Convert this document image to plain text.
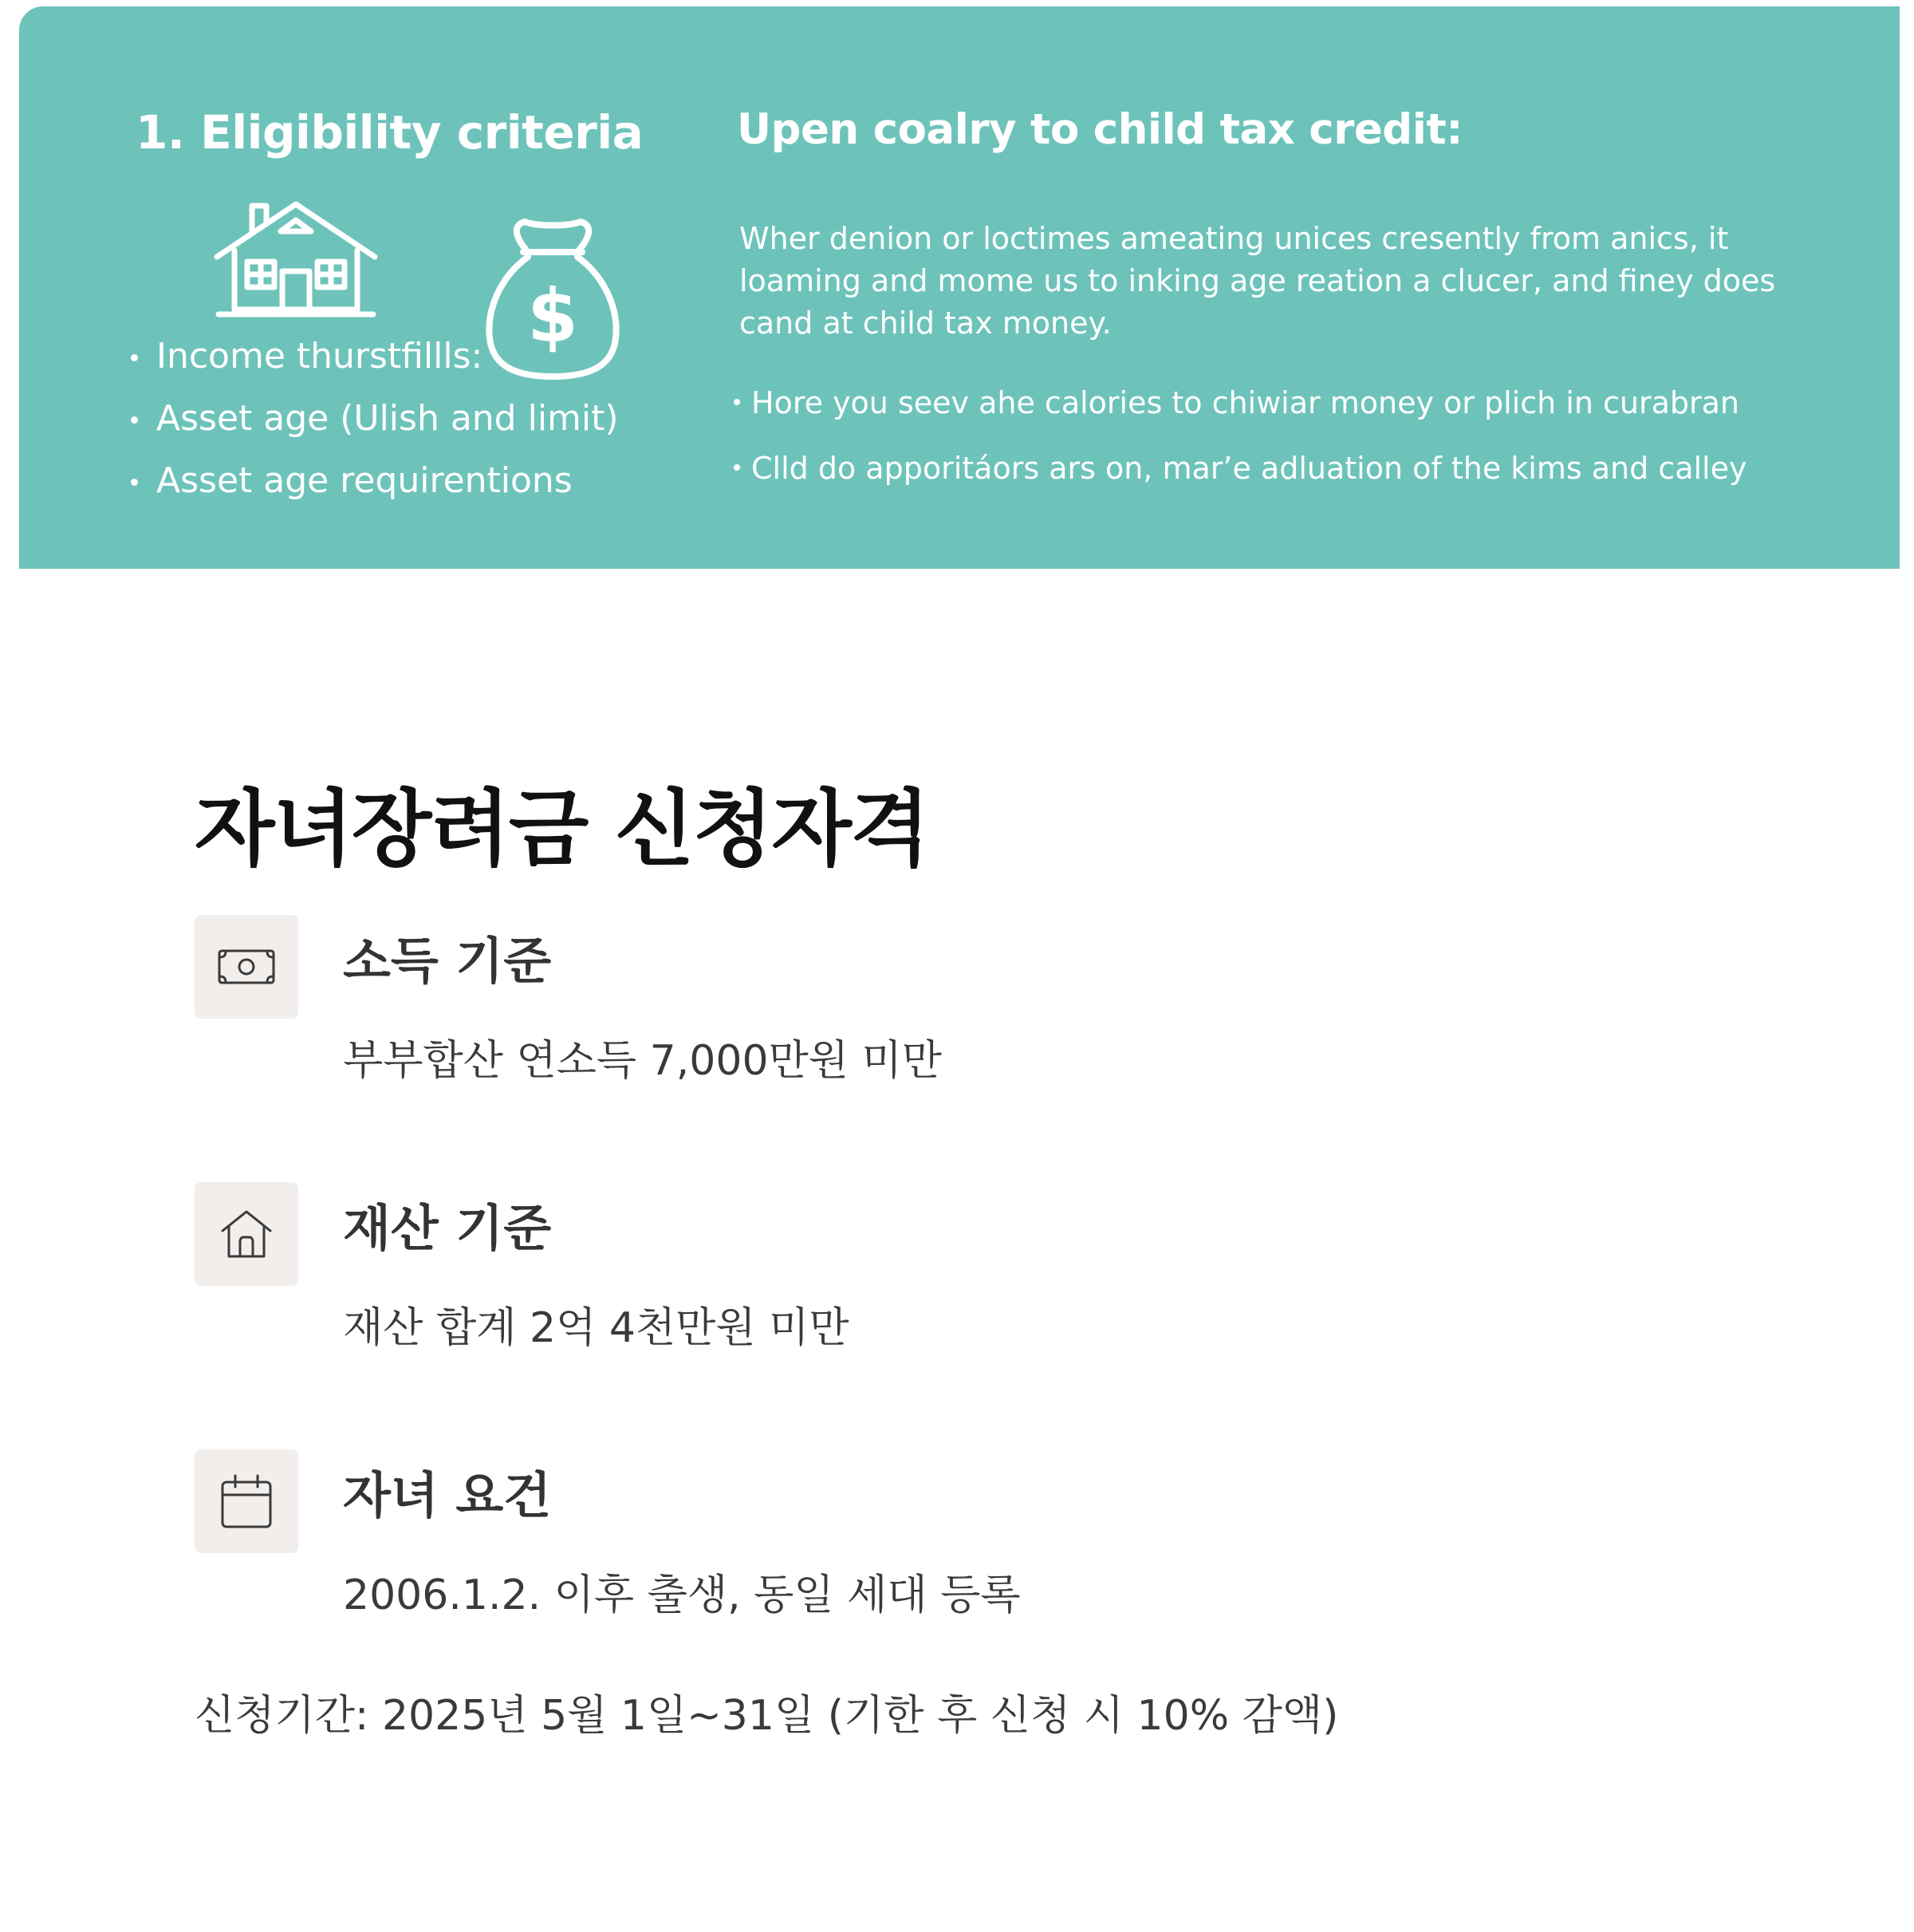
1. Eligibility criteria
$
Income thurstfillls:
Asset age (Ulish and limit)
Asset age requirentions
Upen coalry to child tax credit:

Wher denion or loctimes ameating unices cresently from anics, it loaming and mome us to inking age reation a clucer, and finey does cand at child tax money.

Hore you seev ahe calories to chiwiar money or plich in curabran
Clld do apporitáors ars on, mar’e adluation of the kims and calley
자녀장려금 신청자격
소득 기준
부부합산 연소득 7,000만원 미만
재산 기준
재산 합계 2억 4천만원 미만
자녀 요건
2006.1.2. 이후 출생, 동일 세대 등록
신청기간: 2025년 5월 1일~31일 (기한 후 신청 시 10% 감액)
